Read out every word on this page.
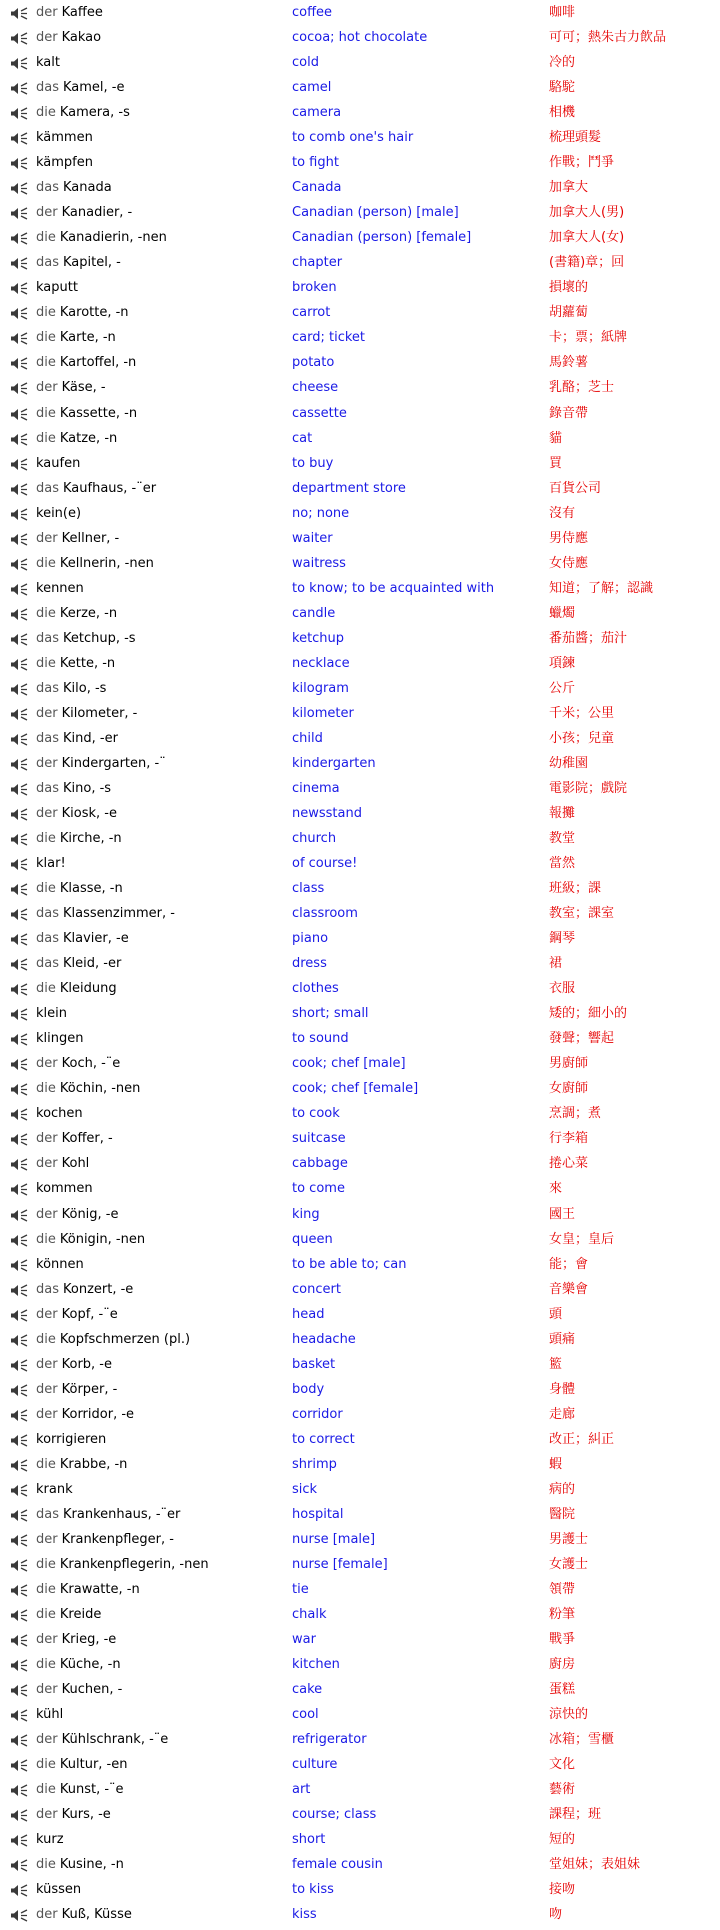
der Kaffee	coffee	咖啡
der Kakao	cocoa; hot chocolate	可可；熱朱古力飲品
kalt	cold	冷的
das Kamel, -e	camel	駱駝
die Kamera, -s	camera	相機
kämmen	to comb one's hair	梳理頭髮
kämpfen	to fight	作戰；鬥爭
das Kanada	Canada	加拿大
der Kanadier, -	Canadian (person) [male]	加拿大人(男)
die Kanadierin, -nen	Canadian (person) [female]	加拿大人(女)
das Kapitel, -	chapter	(書籍)章；回
kaputt	broken	損壞的
die Karotte, -n	carrot	胡蘿蔔
die Karte, -n	card; ticket	卡；票；紙牌
die Kartoffel, -n	potato	馬鈴薯
der Käse, -	cheese	乳酪；芝士
die Kassette, -n	cassette	錄音帶
die Katze, -n	cat	貓
kaufen	to buy	買
das Kaufhaus, -¨er	department store	百貨公司
kein(e)	no; none	沒有
der Kellner, -	waiter	男侍應
die Kellnerin, -nen	waitress	女侍應
kennen	to know; to be acquainted with	知道；了解；認識
die Kerze, -n	candle	蠟燭
das Ketchup, -s	ketchup	番茄醬；茄汁
die Kette, -n	necklace	項鍊
das Kilo, -s	kilogram	公斤
der Kilometer, -	kilometer	千米；公里
das Kind, -er	child	小孩；兒童
der Kindergarten, -¨	kindergarten	幼稚園
das Kino, -s	cinema	電影院；戲院
der Kiosk, -e	newsstand	報攤
die Kirche, -n	church	教堂
klar!	of course!	當然
die Klasse, -n	class	班級；課
das Klassenzimmer, -	classroom	教室；課室
das Klavier, -e	piano	鋼琴
das Kleid, -er	dress	裙
die Kleidung	clothes	衣服
klein	short; small	矮的；細小的
klingen	to sound	發聲；響起
der Koch, -¨e	cook; chef [male]	男廚師
die Köchin, -nen	cook; chef [female]	女廚師
kochen	to cook	烹調；煮
der Koffer, -	suitcase	行李箱
der Kohl	cabbage	捲心菜
kommen	to come	來
der König, -e	king	國王
die Königin, -nen	queen	女皇；皇后
können	to be able to; can	能；會
das Konzert, -e	concert	音樂會
der Kopf, -¨e	head	頭
die Kopfschmerzen (pl.)	headache	頭痛
der Korb, -e	basket	籃
der Körper, -	body	身體
der Korridor, -e	corridor	走廊
korrigieren	to correct	改正；糾正
die Krabbe, -n	shrimp	蝦
krank	sick	病的
das Krankenhaus, -¨er	hospital	醫院
der Krankenpfleger, -	nurse [male]	男護士
die Krankenpflegerin, -nen	nurse [female]	女護士
die Krawatte, -n	tie	領帶
die Kreide	chalk	粉筆
der Krieg, -e	war	戰爭
die Küche, -n	kitchen	廚房
der Kuchen, -	cake	蛋糕
kühl	cool	涼快的
der Kühlschrank, -¨e	refrigerator	冰箱；雪櫃
die Kultur, -en	culture	文化
die Kunst, -¨e	art	藝術
der Kurs, -e	course; class	課程；班
kurz	short	短的
die Kusine, -n	female cousin	堂姐妹；表姐妹
küssen	to kiss	接吻
der Kuß, Küsse	kiss	吻
